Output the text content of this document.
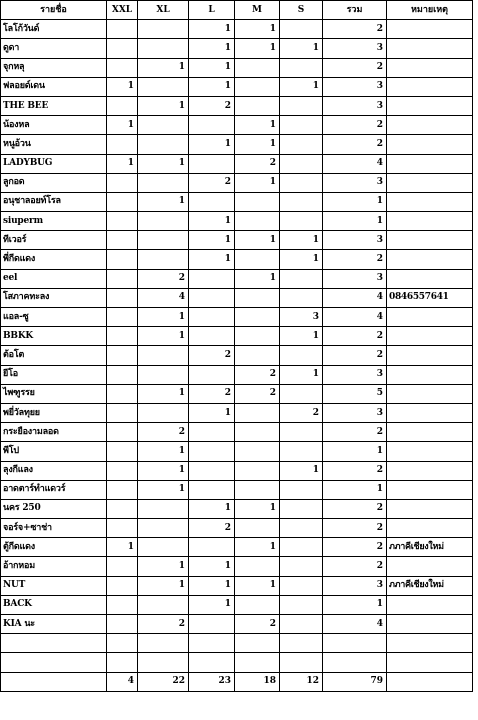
รายชื่อ	XXL	XL	L	M	S	รวม	หมายเหตุ
โลโก้วันด์			1	1		2	
ดูดา			1	1	1	3	
จุกหลุ		1	1			2	
ฟลอยด์เดน	1		1		1	3	
THE BEE		1	2			3	
น้องหล	1			1		2	
หนูอ้วน			1	1		2	
LADYBUG	1	1		2		4	
ลูกอด			2	1		3	
อนุชาลอยท์โรล		1				1	
siuperm			1			1	
ทีเวอร์			1	1	1	3	
พี่กีดแดง			1		1	2	
eel		2		1		3	
โสภาคทะลง		4				4	0846557641
แอล-ซู		1			3	4	
BBKK		1			1	2	
ต้อโต			2			2	
ยีโอ				2	1	3	
ไพฑูรรย		1	2	2		5	
พยี่วัลทุยย			1		2	3	
กระยืองามลอด		2				2	
พีโป		1				1	
ลุงกีแลง		1			1	2	
อาดตาร์ทำแดวร์		1				1	
นคร 250			1	1		2	
จอร์จ+ซาช่า			2			2	
ตู้กีดแดง	1			1		2	ภภาคีเชียงใหม่
อ้ากหอม		1	1			2	
NUT		1	1	1		3	ภภาคีเชียงใหม่
BACK			1			1	
KIA นะ		2		2		4	

	4	22	23	18	12	79	
